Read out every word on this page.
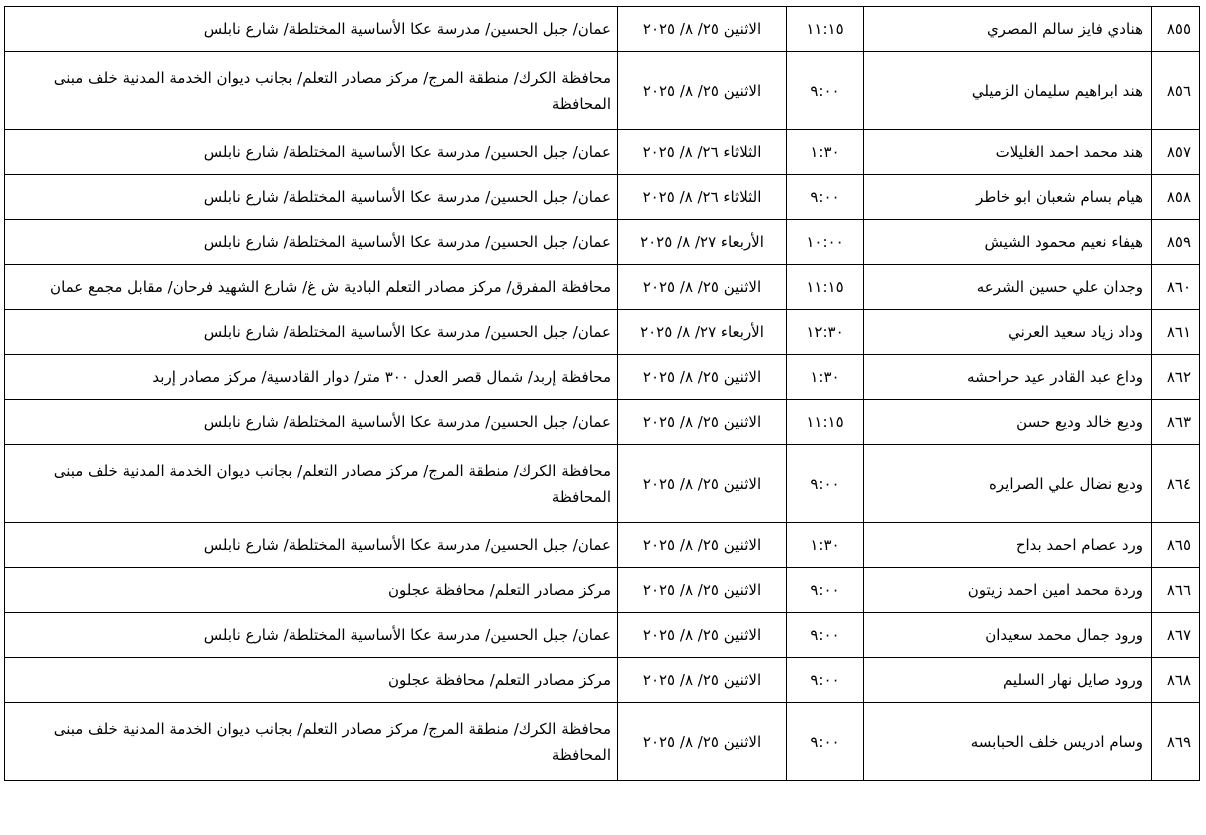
٨٥٥	هنادي فايز سالم المصري	١١:١٥	الاثنين ٢٥/ ٨/ ٢٠٢٥	عمان/ جبل الحسين/ مدرسة عكا الأساسية المختلطة/ شارع نابلس
٨٥٦	هند ابراهيم سليمان الزميلي	٩:٠٠	الاثنين ٢٥/ ٨/ ٢٠٢٥	محافظة الكرك/ منطقة المرج/ مركز مصادر التعلم/ بجانب ديوان الخدمة المدنية خلف مبنى المحافظة
٨٥٧	هند محمد احمد الغليلات	١:٣٠	الثلاثاء ٢٦/ ٨/ ٢٠٢٥	عمان/ جبل الحسين/ مدرسة عكا الأساسية المختلطة/ شارع نابلس
٨٥٨	هيام بسام شعبان ابو خاطر	٩:٠٠	الثلاثاء ٢٦/ ٨/ ٢٠٢٥	عمان/ جبل الحسين/ مدرسة عكا الأساسية المختلطة/ شارع نابلس
٨٥٩	هيفاء نعيم محمود الشيش	١٠:٠٠	الأربعاء ٢٧/ ٨/ ٢٠٢٥	عمان/ جبل الحسين/ مدرسة عكا الأساسية المختلطة/ شارع نابلس
٨٦٠	وجدان علي حسين الشرعه	١١:١٥	الاثنين ٢٥/ ٨/ ٢٠٢٥	محافظة المفرق/ مركز مصادر التعلم البادية ش غ/ شارع الشهيد فرحان/ مقابل مجمع عمان
٨٦١	وداد زياد سعيد العرني	١٢:٣٠	الأربعاء ٢٧/ ٨/ ٢٠٢٥	عمان/ جبل الحسين/ مدرسة عكا الأساسية المختلطة/ شارع نابلس
٨٦٢	وداع عبد القادر عيد حراحشه	١:٣٠	الاثنين ٢٥/ ٨/ ٢٠٢٥	محافظة إربد/ شمال قصر العدل ٣٠٠ متر/ دوار القادسية/ مركز مصادر إربد
٨٦٣	وديع خالد وديع حسن	١١:١٥	الاثنين ٢٥/ ٨/ ٢٠٢٥	عمان/ جبل الحسين/ مدرسة عكا الأساسية المختلطة/ شارع نابلس
٨٦٤	وديع نضال علي الصرايره	٩:٠٠	الاثنين ٢٥/ ٨/ ٢٠٢٥	محافظة الكرك/ منطقة المرج/ مركز مصادر التعلم/ بجانب ديوان الخدمة المدنية خلف مبنى المحافظة
٨٦٥	ورد عصام احمد بداح	١:٣٠	الاثنين ٢٥/ ٨/ ٢٠٢٥	عمان/ جبل الحسين/ مدرسة عكا الأساسية المختلطة/ شارع نابلس
٨٦٦	وردة محمد امين احمد زيتون	٩:٠٠	الاثنين ٢٥/ ٨/ ٢٠٢٥	مركز مصادر التعلم/ محافظة عجلون
٨٦٧	ورود جمال محمد سعيدان	٩:٠٠	الاثنين ٢٥/ ٨/ ٢٠٢٥	عمان/ جبل الحسين/ مدرسة عكا الأساسية المختلطة/ شارع نابلس
٨٦٨	ورود صايل نهار السليم	٩:٠٠	الاثنين ٢٥/ ٨/ ٢٠٢٥	مركز مصادر التعلم/ محافظة عجلون
٨٦٩	وسام ادريس خلف الحبابسه	٩:٠٠	الاثنين ٢٥/ ٨/ ٢٠٢٥	محافظة الكرك/ منطقة المرج/ مركز مصادر التعلم/ بجانب ديوان الخدمة المدنية خلف مبنى المحافظة
